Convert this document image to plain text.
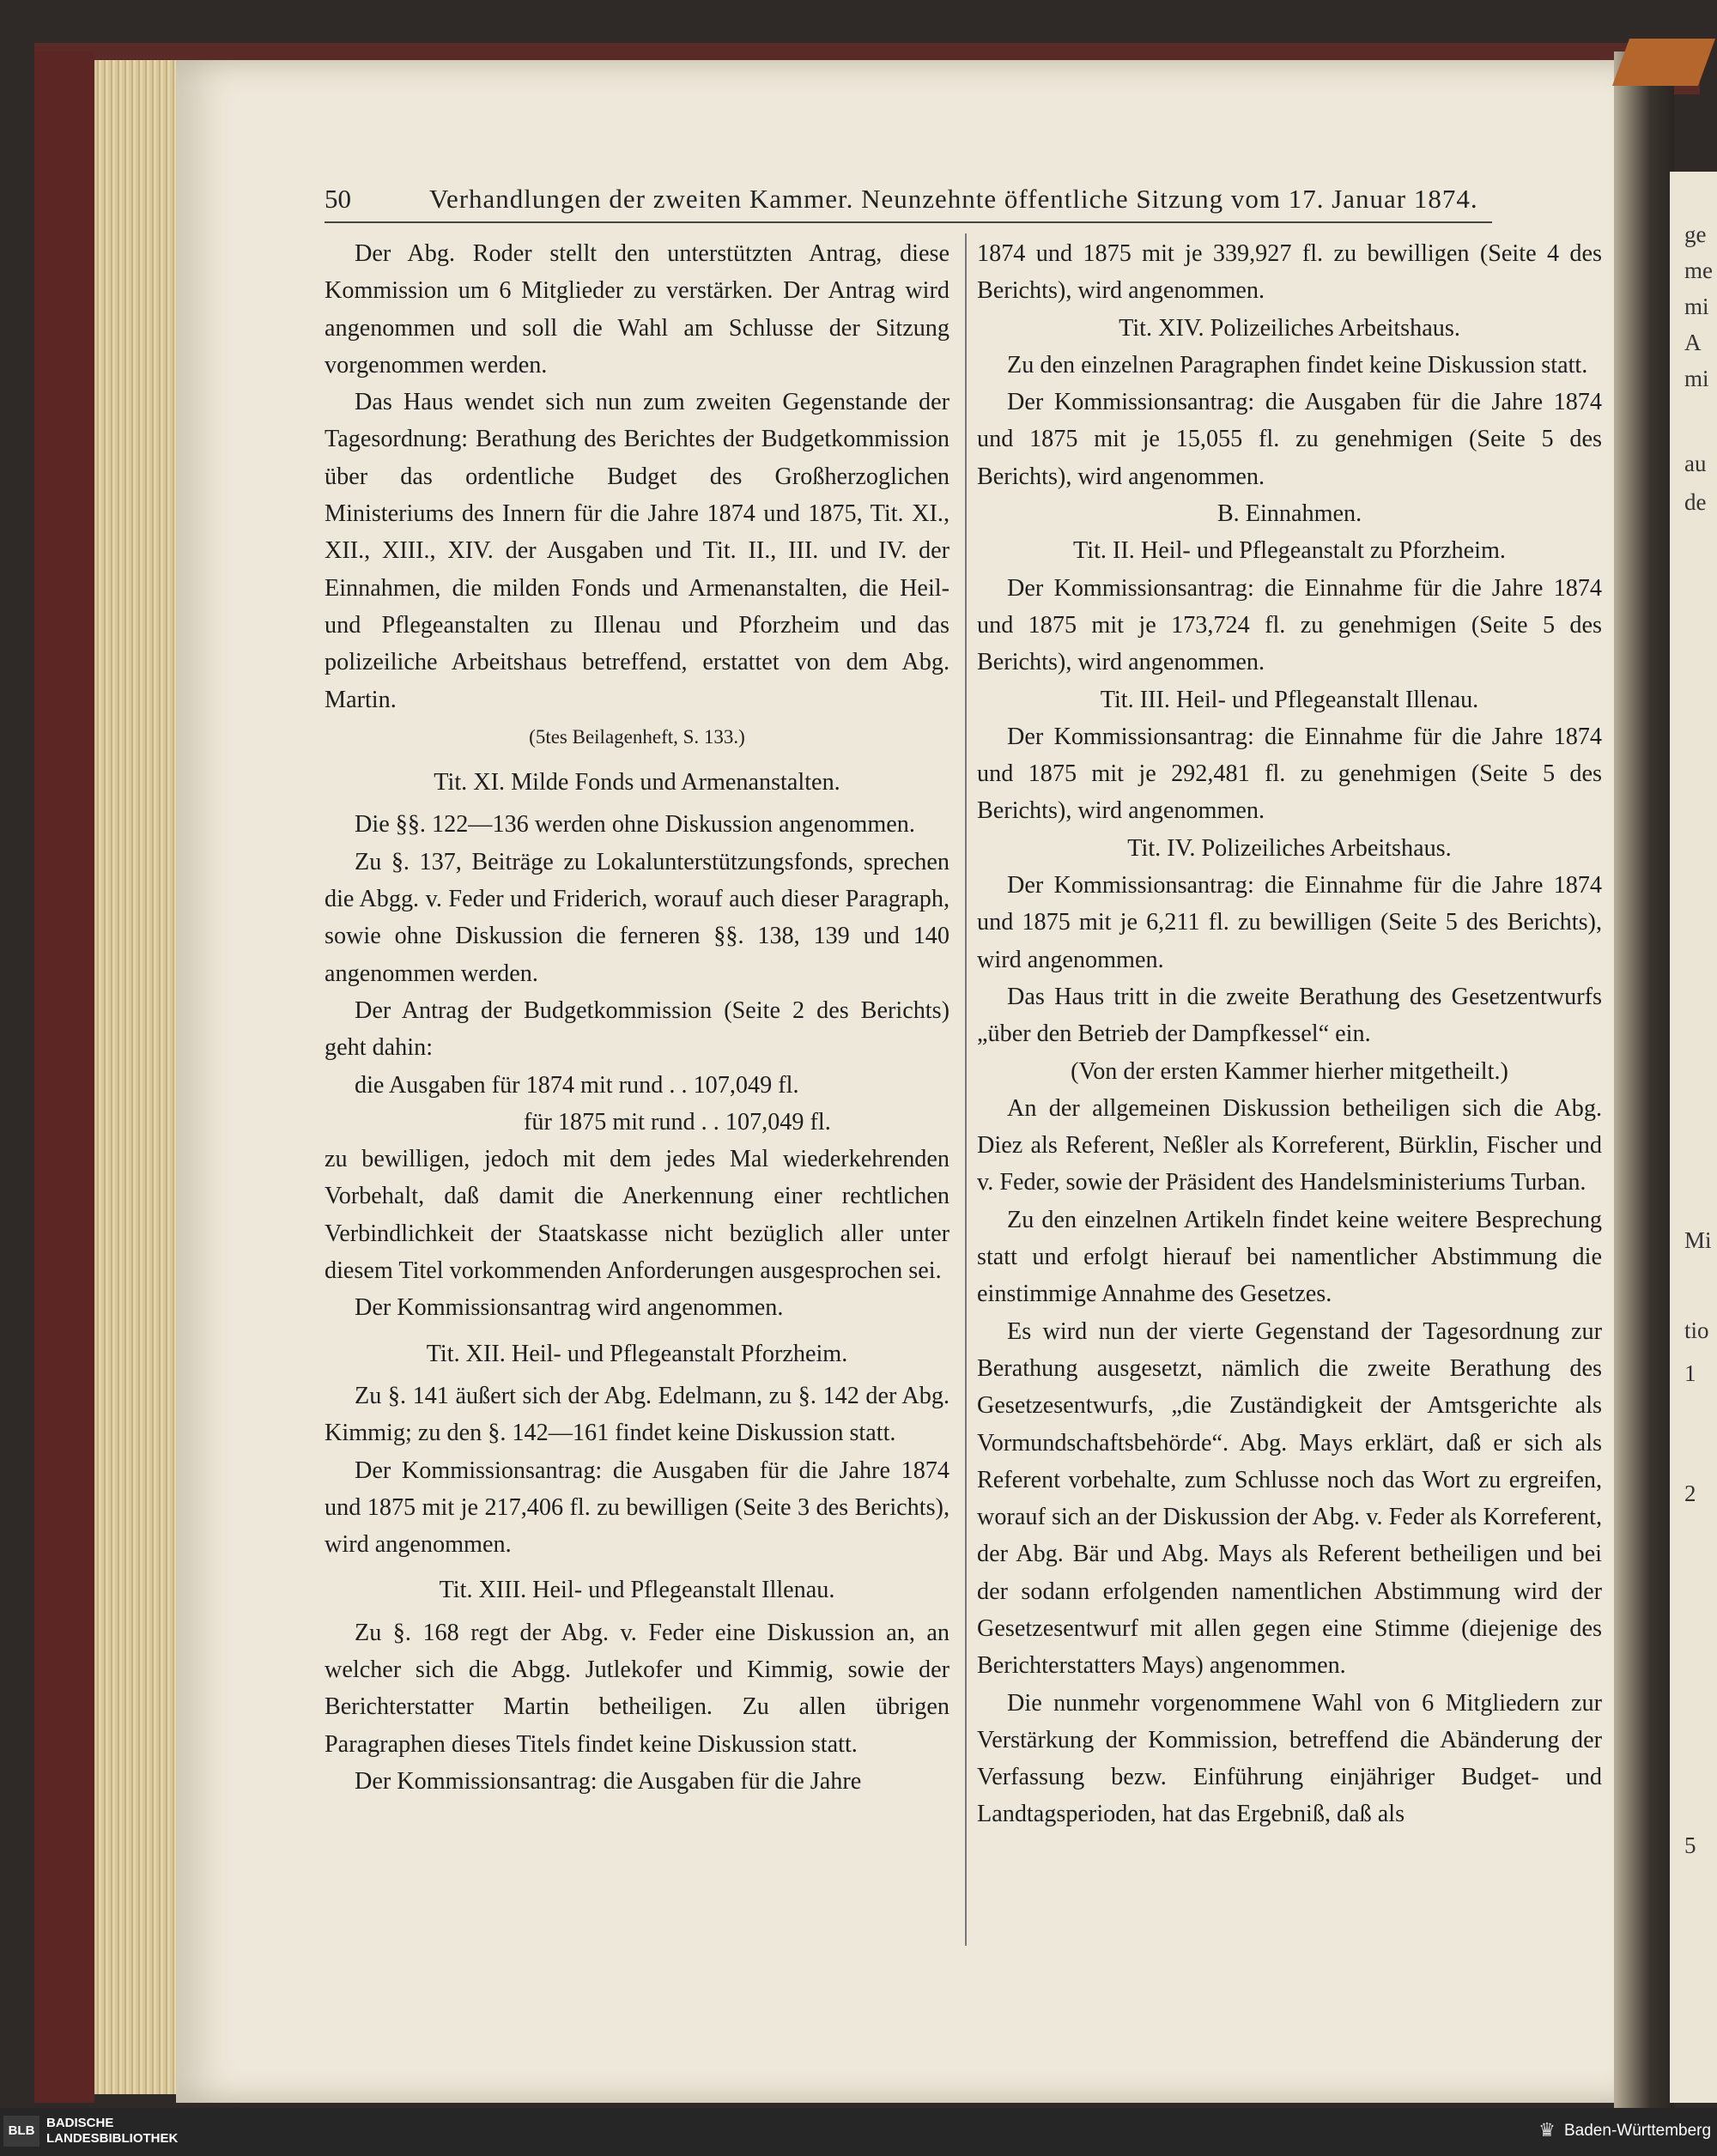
ge
me
mi
A
mi
au
de
Mi
tio
1
2
5
50	Verhandlungen der zweiten Kammer. Neunzehnte öffentliche Sitzung vom 17. Januar 1874.

Der Abg. Roder stellt den unterstützten Antrag, diese Kommission um 6 Mitglieder zu verstärken. Der Antrag wird angenommen und soll die Wahl am Schlusse der Sitzung vorgenommen werden.

Das Haus wendet sich nun zum zweiten Gegenstande der Tagesordnung: Berathung des Berichtes der Budgetkommission über das ordentliche Budget des Großherzoglichen Ministeriums des Innern für die Jahre 1874 und 1875, Tit. XI., XII., XIII., XIV. der Ausgaben und Tit. II., III. und IV. der Einnahmen, die milden Fonds und Armenanstalten, die Heil- und Pflegeanstalten zu Illenau und Pforzheim und das polizeiliche Arbeitshaus betreffend, erstattet von dem Abg. Martin.

(5tes Beilagenheft, S. 133.)

Tit. XI. Milde Fonds und Armenanstalten.

Die §§. 122—136 werden ohne Diskussion angenommen.

Zu §. 137, Beiträge zu Lokalunterstützungsfonds, sprechen die Abgg. v. Feder und Friderich, worauf auch dieser Paragraph, sowie ohne Diskussion die ferneren §§. 138, 139 und 140 angenommen werden.

Der Antrag der Budgetkommission (Seite 2 des Berichts) geht dahin:

die Ausgaben für 1874 mit rund . . 107,049 fl.
für 1875 mit rund . . 107,049 fl.

zu bewilligen, jedoch mit dem jedes Mal wiederkehrenden Vorbehalt, daß damit die Anerkennung einer rechtlichen Verbindlichkeit der Staatskasse nicht bezüglich aller unter diesem Titel vorkommenden Anforderungen ausgesprochen sei.

Der Kommissionsantrag wird angenommen.

Tit. XII. Heil- und Pflegeanstalt Pforzheim.

Zu §. 141 äußert sich der Abg. Edelmann, zu §. 142 der Abg. Kimmig; zu den §. 142—161 findet keine Diskussion statt.

Der Kommissionsantrag: die Ausgaben für die Jahre 1874 und 1875 mit je 217,406 fl. zu bewilligen (Seite 3 des Berichts), wird angenommen.

Tit. XIII. Heil- und Pflegeanstalt Illenau.

Zu §. 168 regt der Abg. v. Feder eine Diskussion an, an welcher sich die Abgg. Jutlekofer und Kimmig, sowie der Berichterstatter Martin betheiligen. Zu allen übrigen Paragraphen dieses Titels findet keine Diskussion statt.

Der Kommissionsantrag: die Ausgaben für die Jahre

1874 und 1875 mit je 339,927 fl. zu bewilligen (Seite 4 des Berichts), wird angenommen.

Tit. XIV. Polizeiliches Arbeitshaus.

Zu den einzelnen Paragraphen findet keine Diskussion statt.

Der Kommissionsantrag: die Ausgaben für die Jahre 1874 und 1875 mit je 15,055 fl. zu genehmigen (Seite 5 des Berichts), wird angenommen.

B. Einnahmen.

Tit. II. Heil- und Pflegeanstalt zu Pforzheim.

Der Kommissionsantrag: die Einnahme für die Jahre 1874 und 1875 mit je 173,724 fl. zu genehmigen (Seite 5 des Berichts), wird angenommen.

Tit. III. Heil- und Pflegeanstalt Illenau.

Der Kommissionsantrag: die Einnahme für die Jahre 1874 und 1875 mit je 292,481 fl. zu genehmigen (Seite 5 des Berichts), wird angenommen.

Tit. IV. Polizeiliches Arbeitshaus.

Der Kommissionsantrag: die Einnahme für die Jahre 1874 und 1875 mit je 6,211 fl. zu bewilligen (Seite 5 des Berichts), wird angenommen.

Das Haus tritt in die zweite Berathung des Gesetzentwurfs „über den Betrieb der Dampfkessel“ ein.

(Von der ersten Kammer hierher mitgetheilt.)

An der allgemeinen Diskussion betheiligen sich die Abg. Diez als Referent, Neßler als Korreferent, Bürklin, Fischer und v. Feder, sowie der Präsident des Handelsministeriums Turban.

Zu den einzelnen Artikeln findet keine weitere Besprechung statt und erfolgt hierauf bei namentlicher Abstimmung die einstimmige Annahme des Gesetzes.

Es wird nun der vierte Gegenstand der Tagesordnung zur Berathung ausgesetzt, nämlich die zweite Berathung des Gesetzesentwurfs, „die Zuständigkeit der Amtsgerichte als Vormundschaftsbehörde“. Abg. Mays erklärt, daß er sich als Referent vorbehalte, zum Schlusse noch das Wort zu ergreifen, worauf sich an der Diskussion der Abg. v. Feder als Korreferent, der Abg. Bär und Abg. Mays als Referent betheiligen und bei der sodann erfolgenden namentlichen Abstimmung wird der Gesetzesentwurf mit allen gegen eine Stimme (diejenige des Berichterstatters Mays) angenommen.

Die nunmehr vorgenommene Wahl von 6 Mitgliedern zur Verstärkung der Kommission, betreffend die Abänderung der Verfassung bezw. Einführung einjähriger Budget- und Landtagsperioden, hat das Ergebniß, daß als

BLB
BADISCHE
LANDESBIBLIOTHEK	♛ Baden-Württemberg
